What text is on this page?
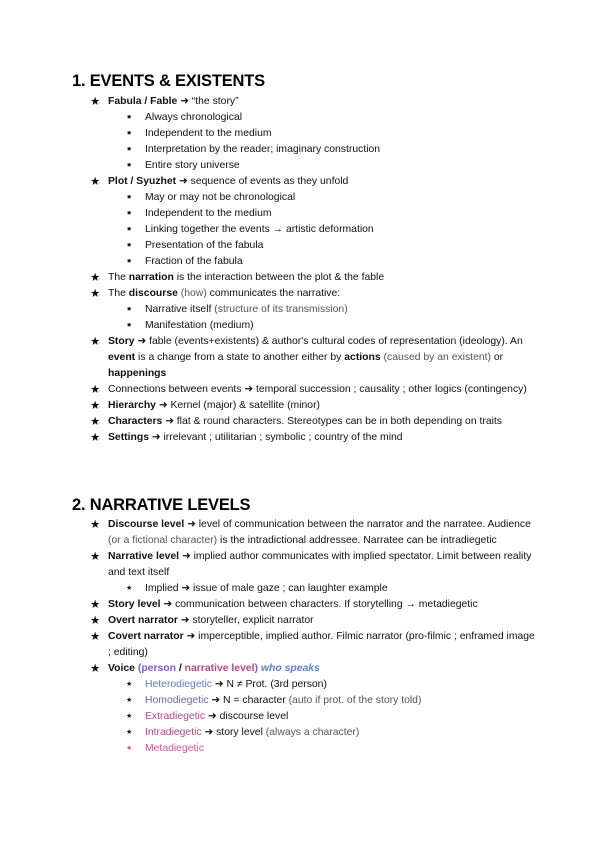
1. EVENTS & EXISTENTS
★ Fabula / Fable ➜ “the story”
★ Always chronological
★ Independent to the medium
★ Interpretation by the reader; imaginary construction
★ Entire story universe
★ Plot / Syuzhet ➜ sequence of events as they unfold
★ May or may not be chronological
★ Independent to the medium
★ Linking together the events → artistic deformation
★ Presentation of the fabula
★ Fraction of the fabula
★ The narration is the interaction between the plot & the fable
★ The discourse (how) communicates the narrative:
★ Narrative itself (structure of its transmission)
★ Manifestation (medium)
★ Story ➜ fable (events+existents) & author's cultural codes of representation (ideology). An event is a change from a state to another either by actions (caused by an existent) or happenings
★ Connections between events ➜ temporal succession ; causality ; other logics (contingency)
★ Hierarchy ➜ Kernel (major) & satellite (minor)
★ Characters ➜ flat & round characters. Stereotypes can be in both depending on traits
★ Settings ➜ irrelevant ; utilitarian ; symbolic ; country of the mind
2. NARRATIVE LEVELS
★ Discourse level ➜ level of communication between the narrator and the narratee. Audience (or a fictional character) is the intradictional addressee. Narratee can be intradiegetic
★ Narrative level ➜ implied author communicates with implied spectator. Limit between reality and text itself
★ Implied ➜ issue of male gaze ; can laughter example
★ Story level ➜ communication between characters. If storytelling → metadiegetic
★ Overt narrator ➜ storyteller, explicit narrator
★ Covert narrator ➜ imperceptible, implied author. Filmic narrator (pro-filmic ; enframed image ; editing)
★ Voice (person / narrative level) who speaks
★ Heterodiegetic ➜ N ≠ Prot. (3rd person)
★ Homodiegetic ➜ N = character (auto if prot. of the story told)
★ Extradiegetic ➜ discourse level
★ Intradiegetic ➜ story level (always a character)
★ Metadiegetic
